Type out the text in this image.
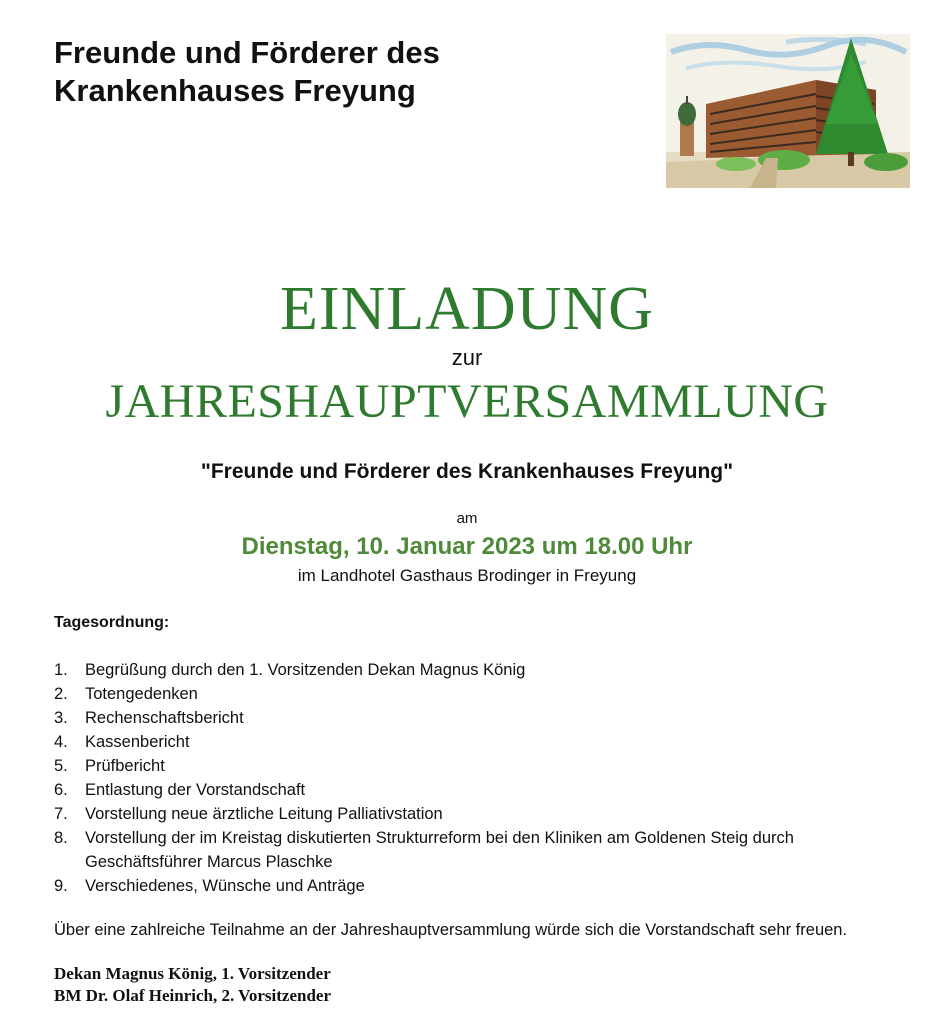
Freunde und Förderer des
Krankenhauses Freyung
EINLADUNG
zur
JAHRESHAUPTVERSAMMLUNG
"Freunde und Förderer des Krankenhauses Freyung"
am
Dienstag, 10. Januar 2023 um 18.00 Uhr
im Landhotel Gasthaus Brodinger in Freyung
Tagesordnung:
1.	Begrüßung durch den 1. Vorsitzenden Dekan Magnus König
2.	Totengedenken
3.	Rechenschaftsbericht
4.	Kassenbericht
5.	Prüfbericht
6.	Entlastung der Vorstandschaft
7.	Vorstellung neue ärztliche Leitung Palliativstation
8.	Vorstellung der im Kreistag diskutierten Strukturreform bei den Kliniken am Goldenen Steig durch Geschäftsführer Marcus Plaschke
9.	Verschiedenes, Wünsche und Anträge
Über eine zahlreiche Teilnahme an der Jahreshauptversammlung würde sich die Vorstandschaft sehr freuen.
Dekan Magnus König, 1. Vorsitzender
BM Dr. Olaf Heinrich, 2. Vorsitzender
